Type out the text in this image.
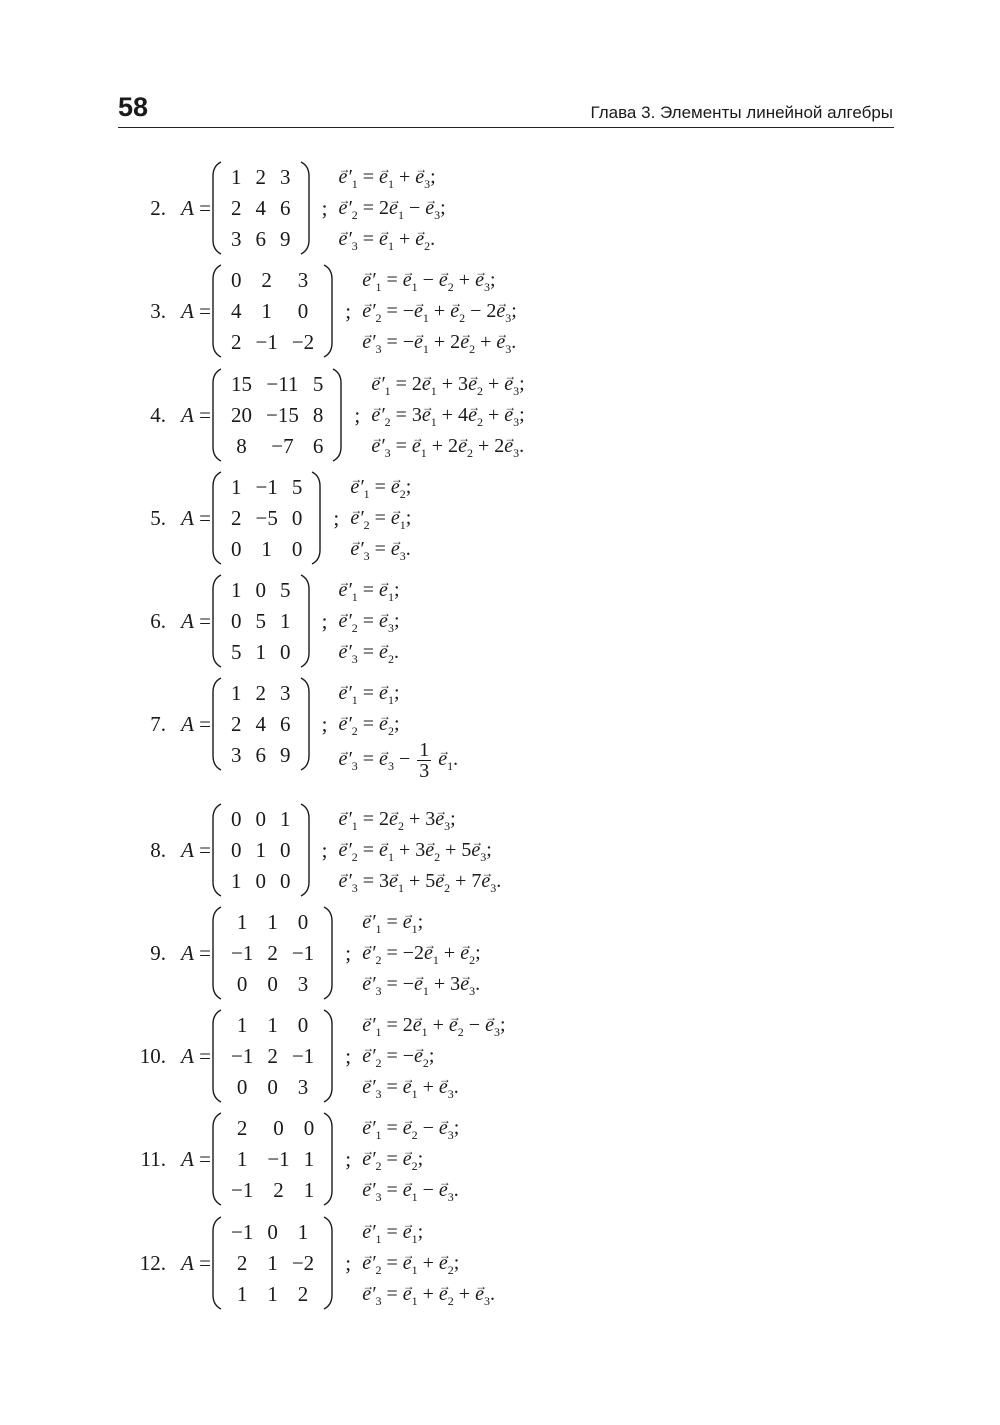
58	Глава 3. Элементы линейной алгебры
2. A =
1	2	3
2	4	6
3	6	9
;
→ $e'_1$ = → $e_1$ + → $e_3$;
→ $e'_2 = 2\to e_1$ − → $e_3$;
→ $e'_3$ = → $e_1$ + → $e_2$.
3. A =
0	2	3
4	1	0
2	−1	−2
;
→ $e'_1$ = → $e_1$ − → $e_2$ + → $e_3$;
→ $e'_2$ = −→ $e_1$ + → $e_2 - 2\to e_3$;
→ $e'_3$ = −→ $e_1 + 2\to e_2$ + → $e_3$.
4. A =
15	−11	5
20	−15	8
8	−7	6
;
→ $e'_1 = 2\to e_1 + 3\to e_2$ + → $e_3$;
→ $e'_2 = 3\to e_1 + 4\to e_2$ + → $e_3$;
→ $e'_3$ = → $e_1 + 2\to e_2 + 2\to e_3$.
5. A =
1	−1	5
2	−5	0
0	1	0
;
→ $e'_1$ = → $e_2$;
→ $e'_2$ = → $e_1$;
→ $e'_3$ = → $e_3$.
6. A =
1	0	5
0	5	1
5	1	0
;
→ $e'_1$ = → $e_1$;
→ $e'_2$ = → $e_3$;
→ $e'_3$ = → $e_2$.
7. A =
1	2	3
2	4	6
3	6	9
;
→ $e'_1$ = → $e_1$;
→ $e'_2$ = → $e_2$;
→ $e'_3$ = → $e_3 - \frac{1}{3} \to e_1$.
8. A =
0	0	1
0	1	0
1	0	0
;
→ $e'_1 = 2\to e_2 + 3\to e_3$;
→ $e'_2$ = → $e_1 + 3\to e_2 + 5\to e_3$;
→ $e'_3 = 3\to e_1 + 5\to e_2 + 7\to e_3$.
9. A =
1	1	0
−1	2	−1
0	0	3
;
→ $e'_1$ = → $e_1$;
→ $e'_2 = -2\to e_1$ + → $e_2$;
→ $e'_3$ = −→ $e_1 + 3\to e_3$.
10. A =
1	1	0
−1	2	−1
0	0	3
;
→ $e'_1 = 2\to e_1$ + → $e_2$ − → $e_3$;
→ $e'_2$ = −→ $e_2$;
→ $e'_3$ = → $e_1$ + → $e_3$.
11. A =
2	0	0
1	−1	1
−1	2	1
;
→ $e'_1$ = → $e_2$ − → $e_3$;
→ $e'_2$ = → $e_2$;
→ $e'_3$ = → $e_1$ − → $e_3$.
12. A =
−1	0	1
2	1	−2
1	1	2
;
→ $e'_1$ = → $e_1$;
→ $e'_2$ = → $e_1$ + → $e_2$;
→ $e'_3$ = → $e_1$ + → $e_2$ + → $e_3$.
